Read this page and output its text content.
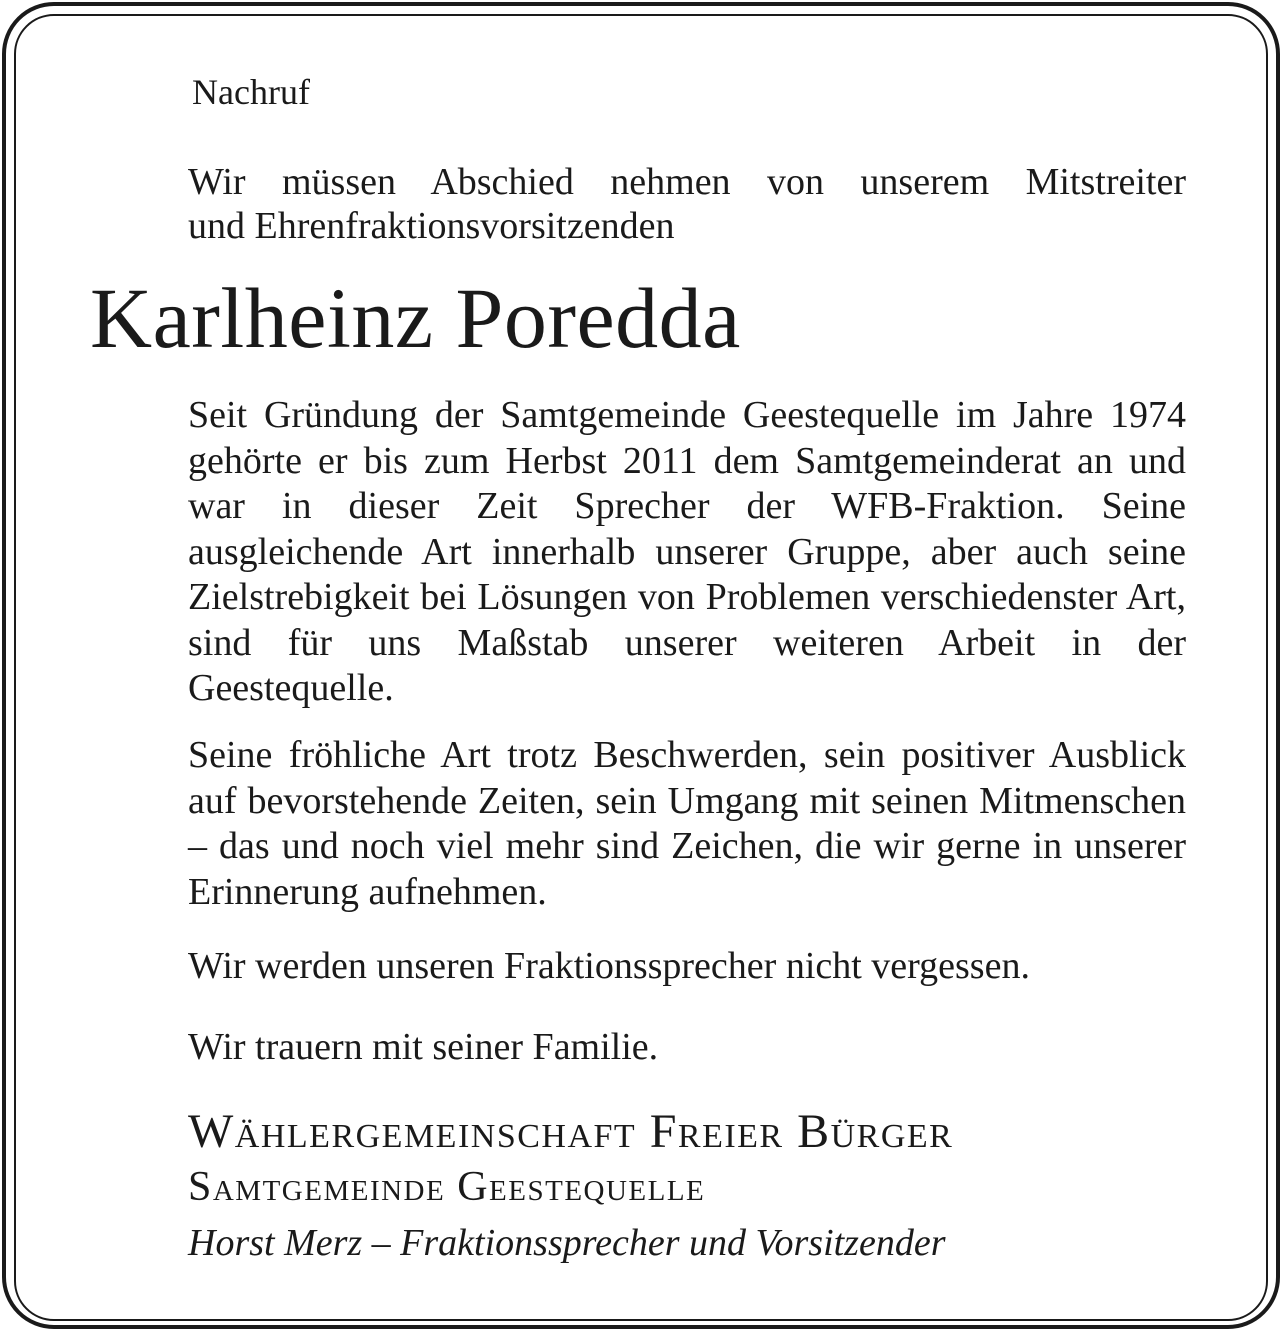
Nachruf

Wir müssen Abschied nehmen von unserem Mitstreiter
und Ehrenfraktionsvorsitzenden

Karlheinz Poredda

Seit Gründung der Samtgemeinde Geestequelle im Jahre 1974 gehörte er bis zum Herbst 2011 dem Samtgemeinderat an und war in dieser Zeit Sprecher der WFB-Fraktion. Seine ausgleichende Art innerhalb unserer Gruppe, aber auch seine Zielstrebigkeit bei Lösungen von Problemen verschiedenster Art, sind für uns Maßstab unserer weiteren Arbeit in der Geestequelle.

Seine fröhliche Art trotz Beschwerden, sein positiver Ausblick auf bevorstehende Zeiten, sein Umgang mit seinen Mitmenschen – das und noch viel mehr sind Zeichen, die wir gerne in unserer Erinnerung aufnehmen.

Wir werden unseren Fraktionssprecher nicht vergessen.

Wir trauern mit seiner Familie.

Wählergemeinschaft Freier Bürger
Samtgemeinde Geestequelle

Horst Merz – Fraktionssprecher und Vorsitzender
